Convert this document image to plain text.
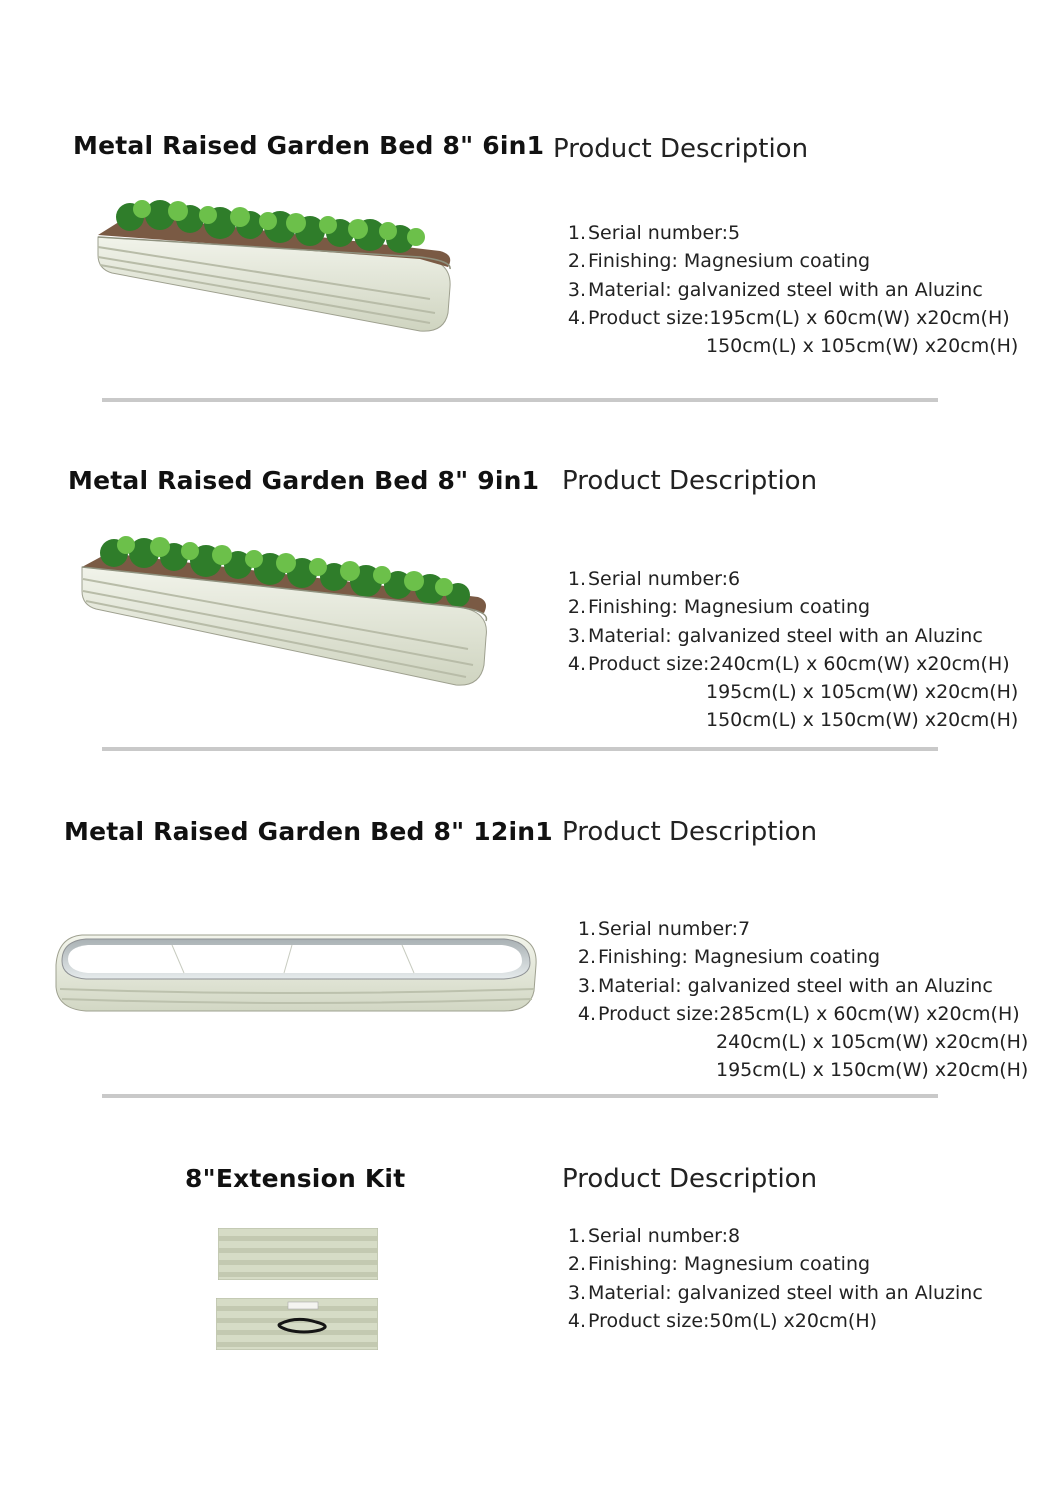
Metal Raised Garden Bed 8" 6in1 Product Description
1. Serial number:5
2. Finishing: Magnesium coating
3. Material: galvanized steel with an Aluzinc
4. Product size:195cm(L) x 60cm(W) x20cm(H)
150cm(L) x 105cm(W) x20cm(H)
Metal Raised Garden Bed 8" 9in1 Product Description
1. Serial number:6
2. Finishing: Magnesium coating
3. Material: galvanized steel with an Aluzinc
4. Product size:240cm(L) x 60cm(W) x20cm(H)
195cm(L) x 105cm(W) x20cm(H)
150cm(L) x 150cm(W) x20cm(H)
Metal Raised Garden Bed 8" 12in1 Product Description
1. Serial number:7
2. Finishing: Magnesium coating
3. Material: galvanized steel with an Aluzinc
4. Product size:285cm(L) x 60cm(W) x20cm(H)
240cm(L) x 105cm(W) x20cm(H)
195cm(L) x 150cm(W) x20cm(H)
8"Extension Kit	Product Description
1. Serial number:8
2. Finishing: Magnesium coating
3. Material: galvanized steel with an Aluzinc
4. Product size:50m(L) x20cm(H)
